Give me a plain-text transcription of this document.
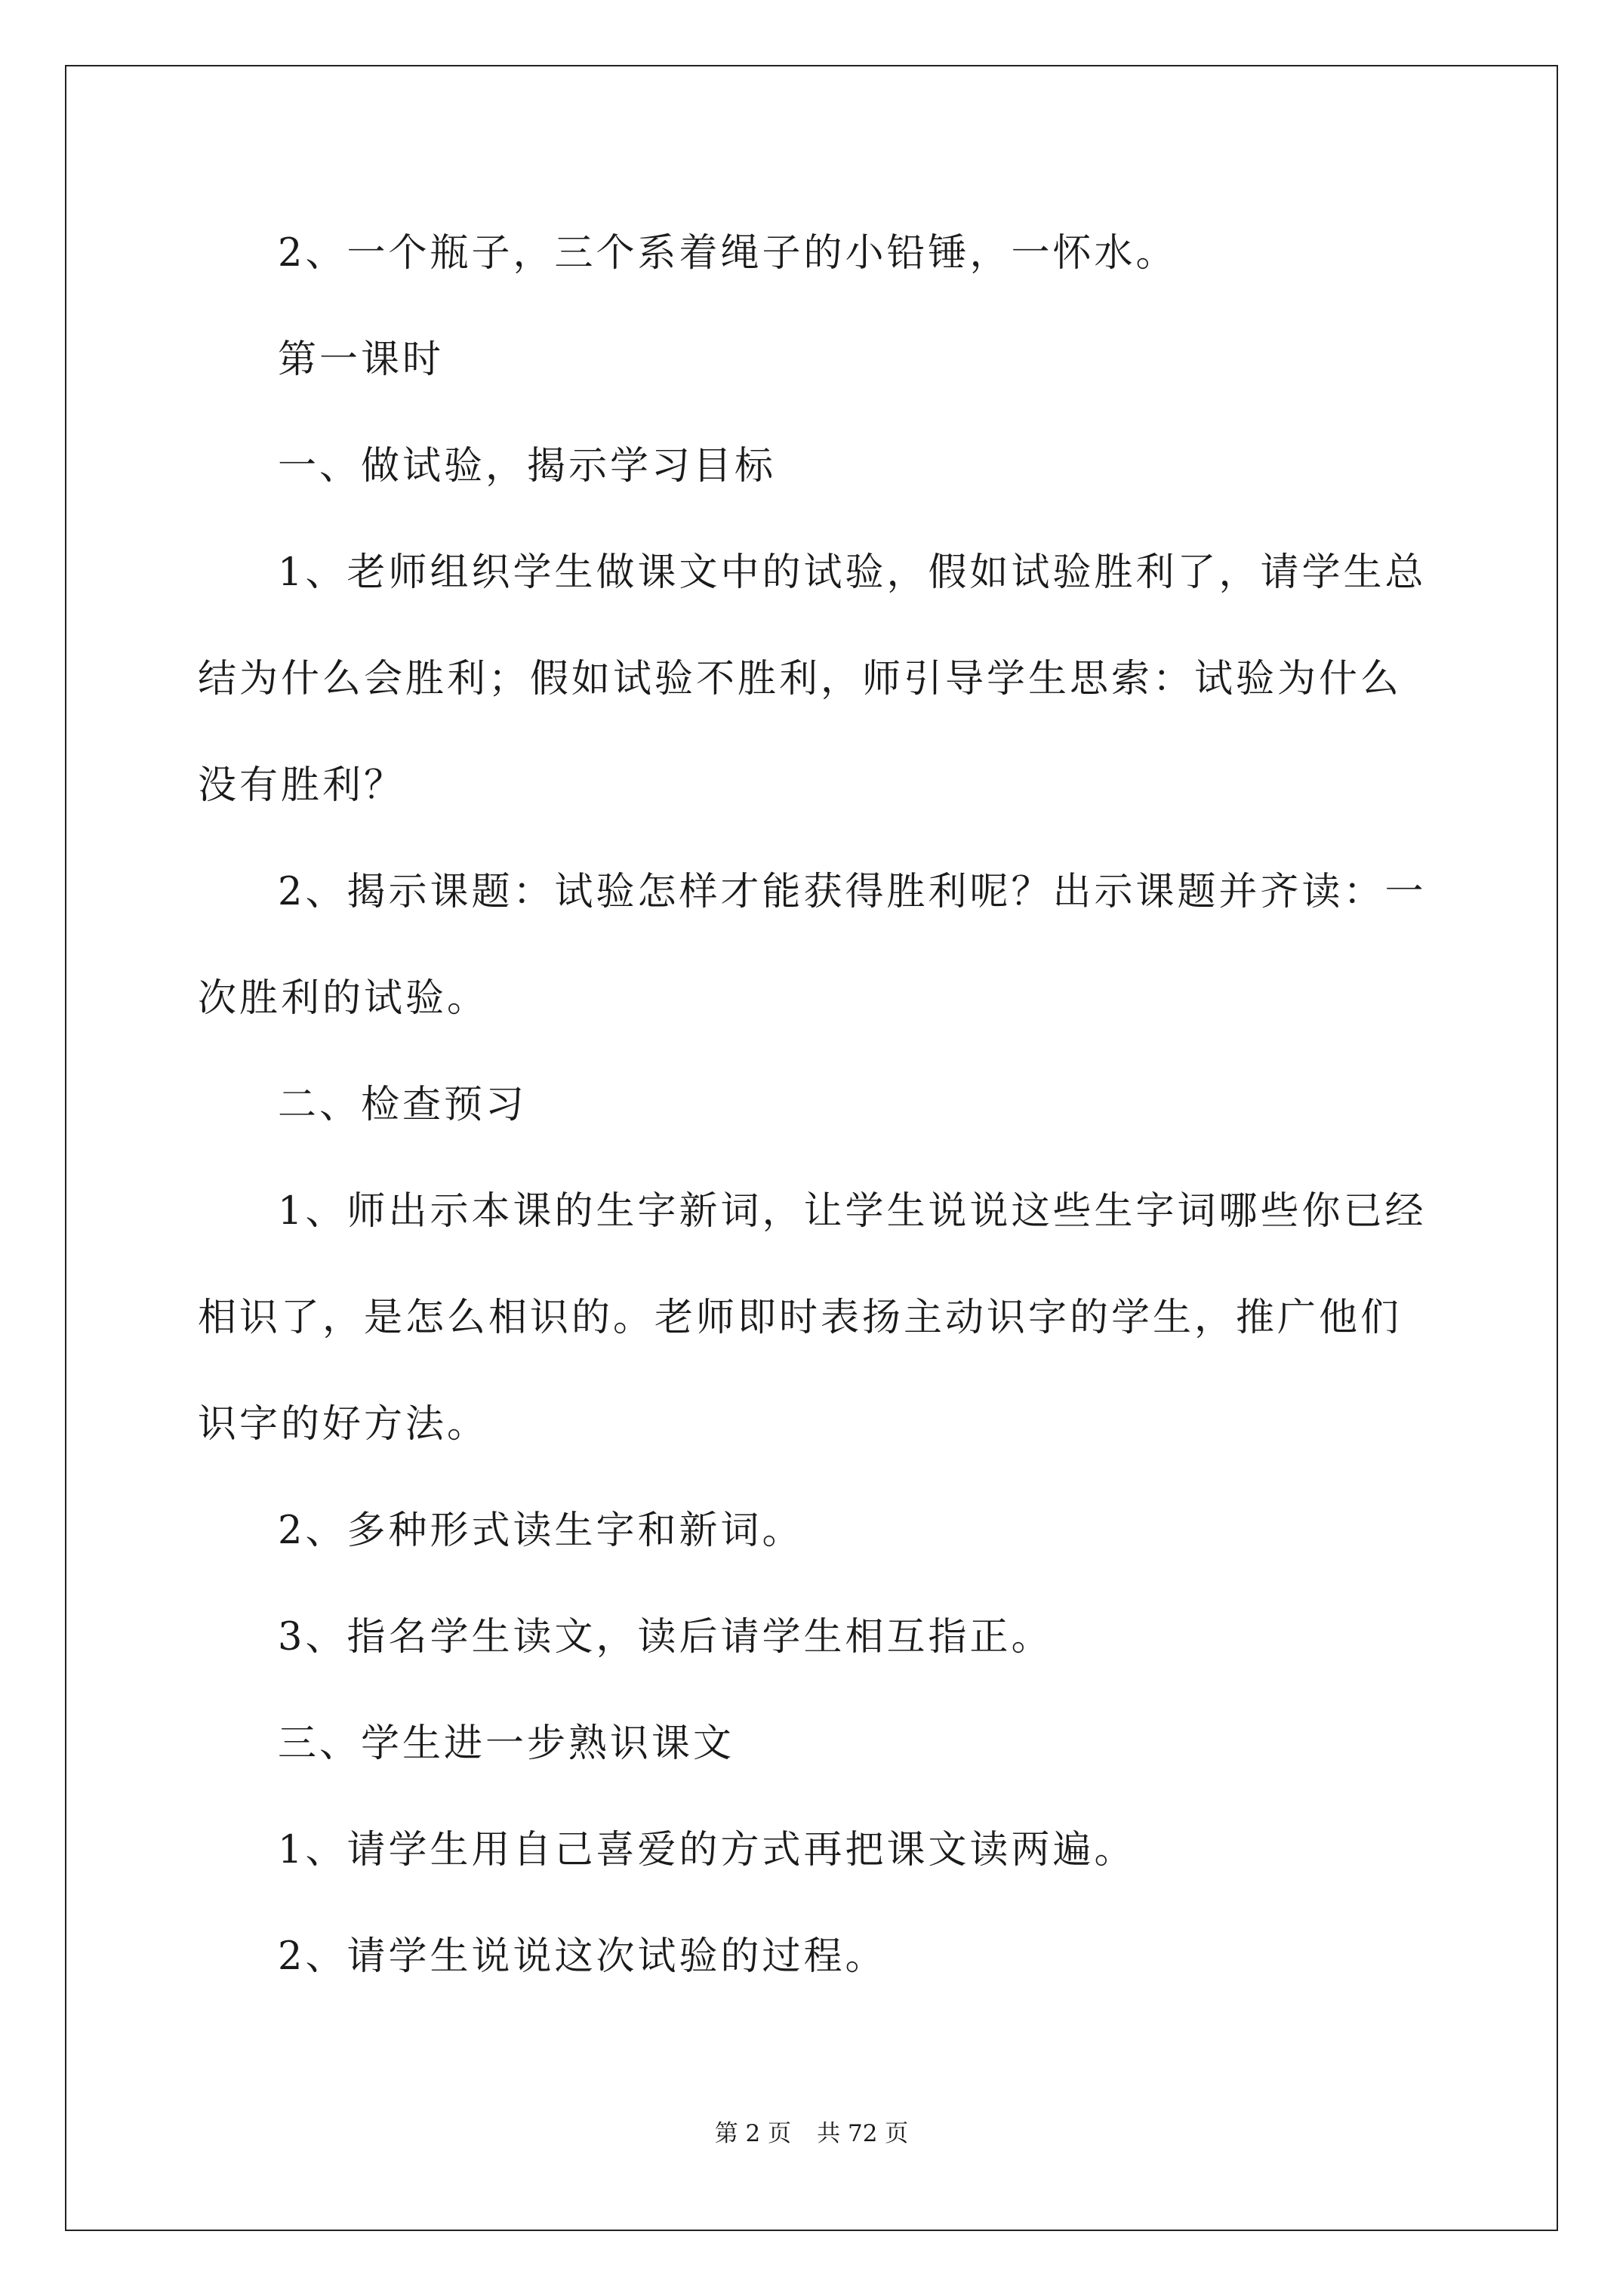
2、一个瓶子，三个系着绳子的小铅锤，一怀水。

第一课时

一、做试验，揭示学习目标

1、老师组织学生做课文中的试验，假如试验胜利了，请学生总结为什么会胜利；假如试验不胜利，师引导学生思索：试验为什么没有胜利？

2、揭示课题：试验怎样才能获得胜利呢？出示课题并齐读：一次胜利的试验。

二、检查预习

1、师出示本课的生字新词，让学生说说这些生字词哪些你已经相识了，是怎么相识的。老师即时表扬主动识字的学生，推广他们识字的好方法。

2、多种形式读生字和新词。

3、指名学生读文，读后请学生相互指正。

三、学生进一步熟识课文

1、请学生用自己喜爱的方式再把课文读两遍。

2、请学生说说这次试验的过程。

第 2 页 共 72 页
